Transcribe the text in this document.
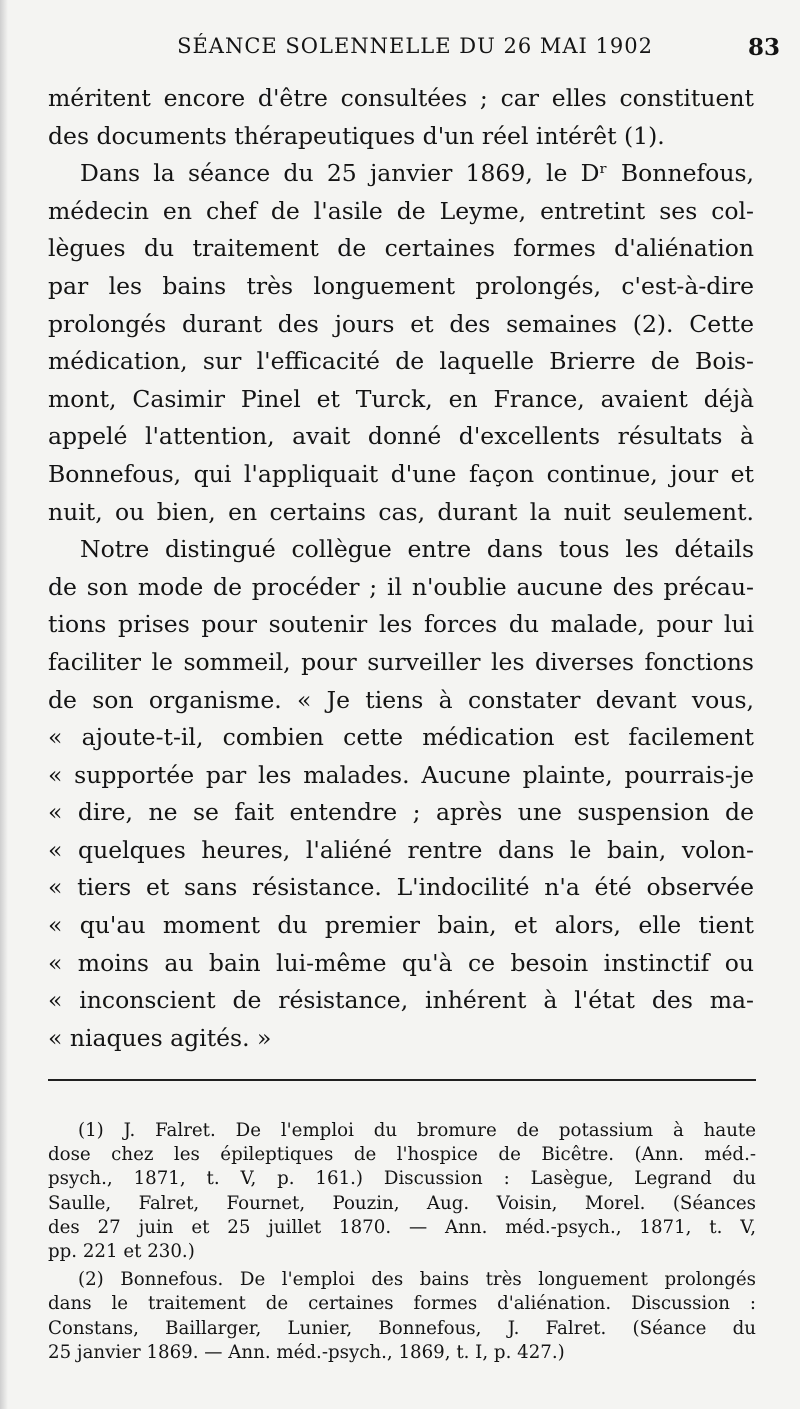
SÉANCE SOLENNELLE DU 26 MAI 1902	83
méritent encore d'être consultées ; car elles constituent
des documents thérapeutiques d'un réel intérêt (1).
Dans la séance du 25 janvier 1869, le Dʳ Bonnefous,
médecin en chef de l'asile de Leyme, entretint ses col-
lègues du traitement de certaines formes d'aliénation
par les bains très longuement prolongés, c'est-à-dire
prolongés durant des jours et des semaines (2). Cette
médication, sur l'efficacité de laquelle Brierre de Bois-
mont, Casimir Pinel et Turck, en France, avaient déjà
appelé l'attention, avait donné d'excellents résultats à
Bonnefous, qui l'appliquait d'une façon continue, jour et
nuit, ou bien, en certains cas, durant la nuit seulement.
Notre distingué collègue entre dans tous les détails
de son mode de procéder ; il n'oublie aucune des précau-
tions prises pour soutenir les forces du malade, pour lui
faciliter le sommeil, pour surveiller les diverses fonctions
de son organisme. « Je tiens à constater devant vous,
« ajoute-t-il, combien cette médication est facilement
« supportée par les malades. Aucune plainte, pourrais-je
« dire, ne se fait entendre ; après une suspension de
« quelques heures, l'aliéné rentre dans le bain, volon-
« tiers et sans résistance. L'indocilité n'a été observée
« qu'au moment du premier bain, et alors, elle tient
« moins au bain lui-même qu'à ce besoin instinctif ou
« inconscient de résistance, inhérent à l'état des ma-
« niaques agités. »
(1) J. Falret. De l'emploi du bromure de potassium à haute
dose chez les épileptiques de l'hospice de Bicêtre. (Ann. méd.-
psych., 1871, t. V, p. 161.) Discussion : Lasègue, Legrand du
Saulle, Falret, Fournet, Pouzin, Aug. Voisin, Morel. (Séances
des 27 juin et 25 juillet 1870. — Ann. méd.-psych., 1871, t. V,
pp. 221 et 230.)
(2) Bonnefous. De l'emploi des bains très longuement prolongés
dans le traitement de certaines formes d'aliénation. Discussion :
Constans, Baillarger, Lunier, Bonnefous, J. Falret. (Séance du
25 janvier 1869. — Ann. méd.-psych., 1869, t. I, p. 427.)
